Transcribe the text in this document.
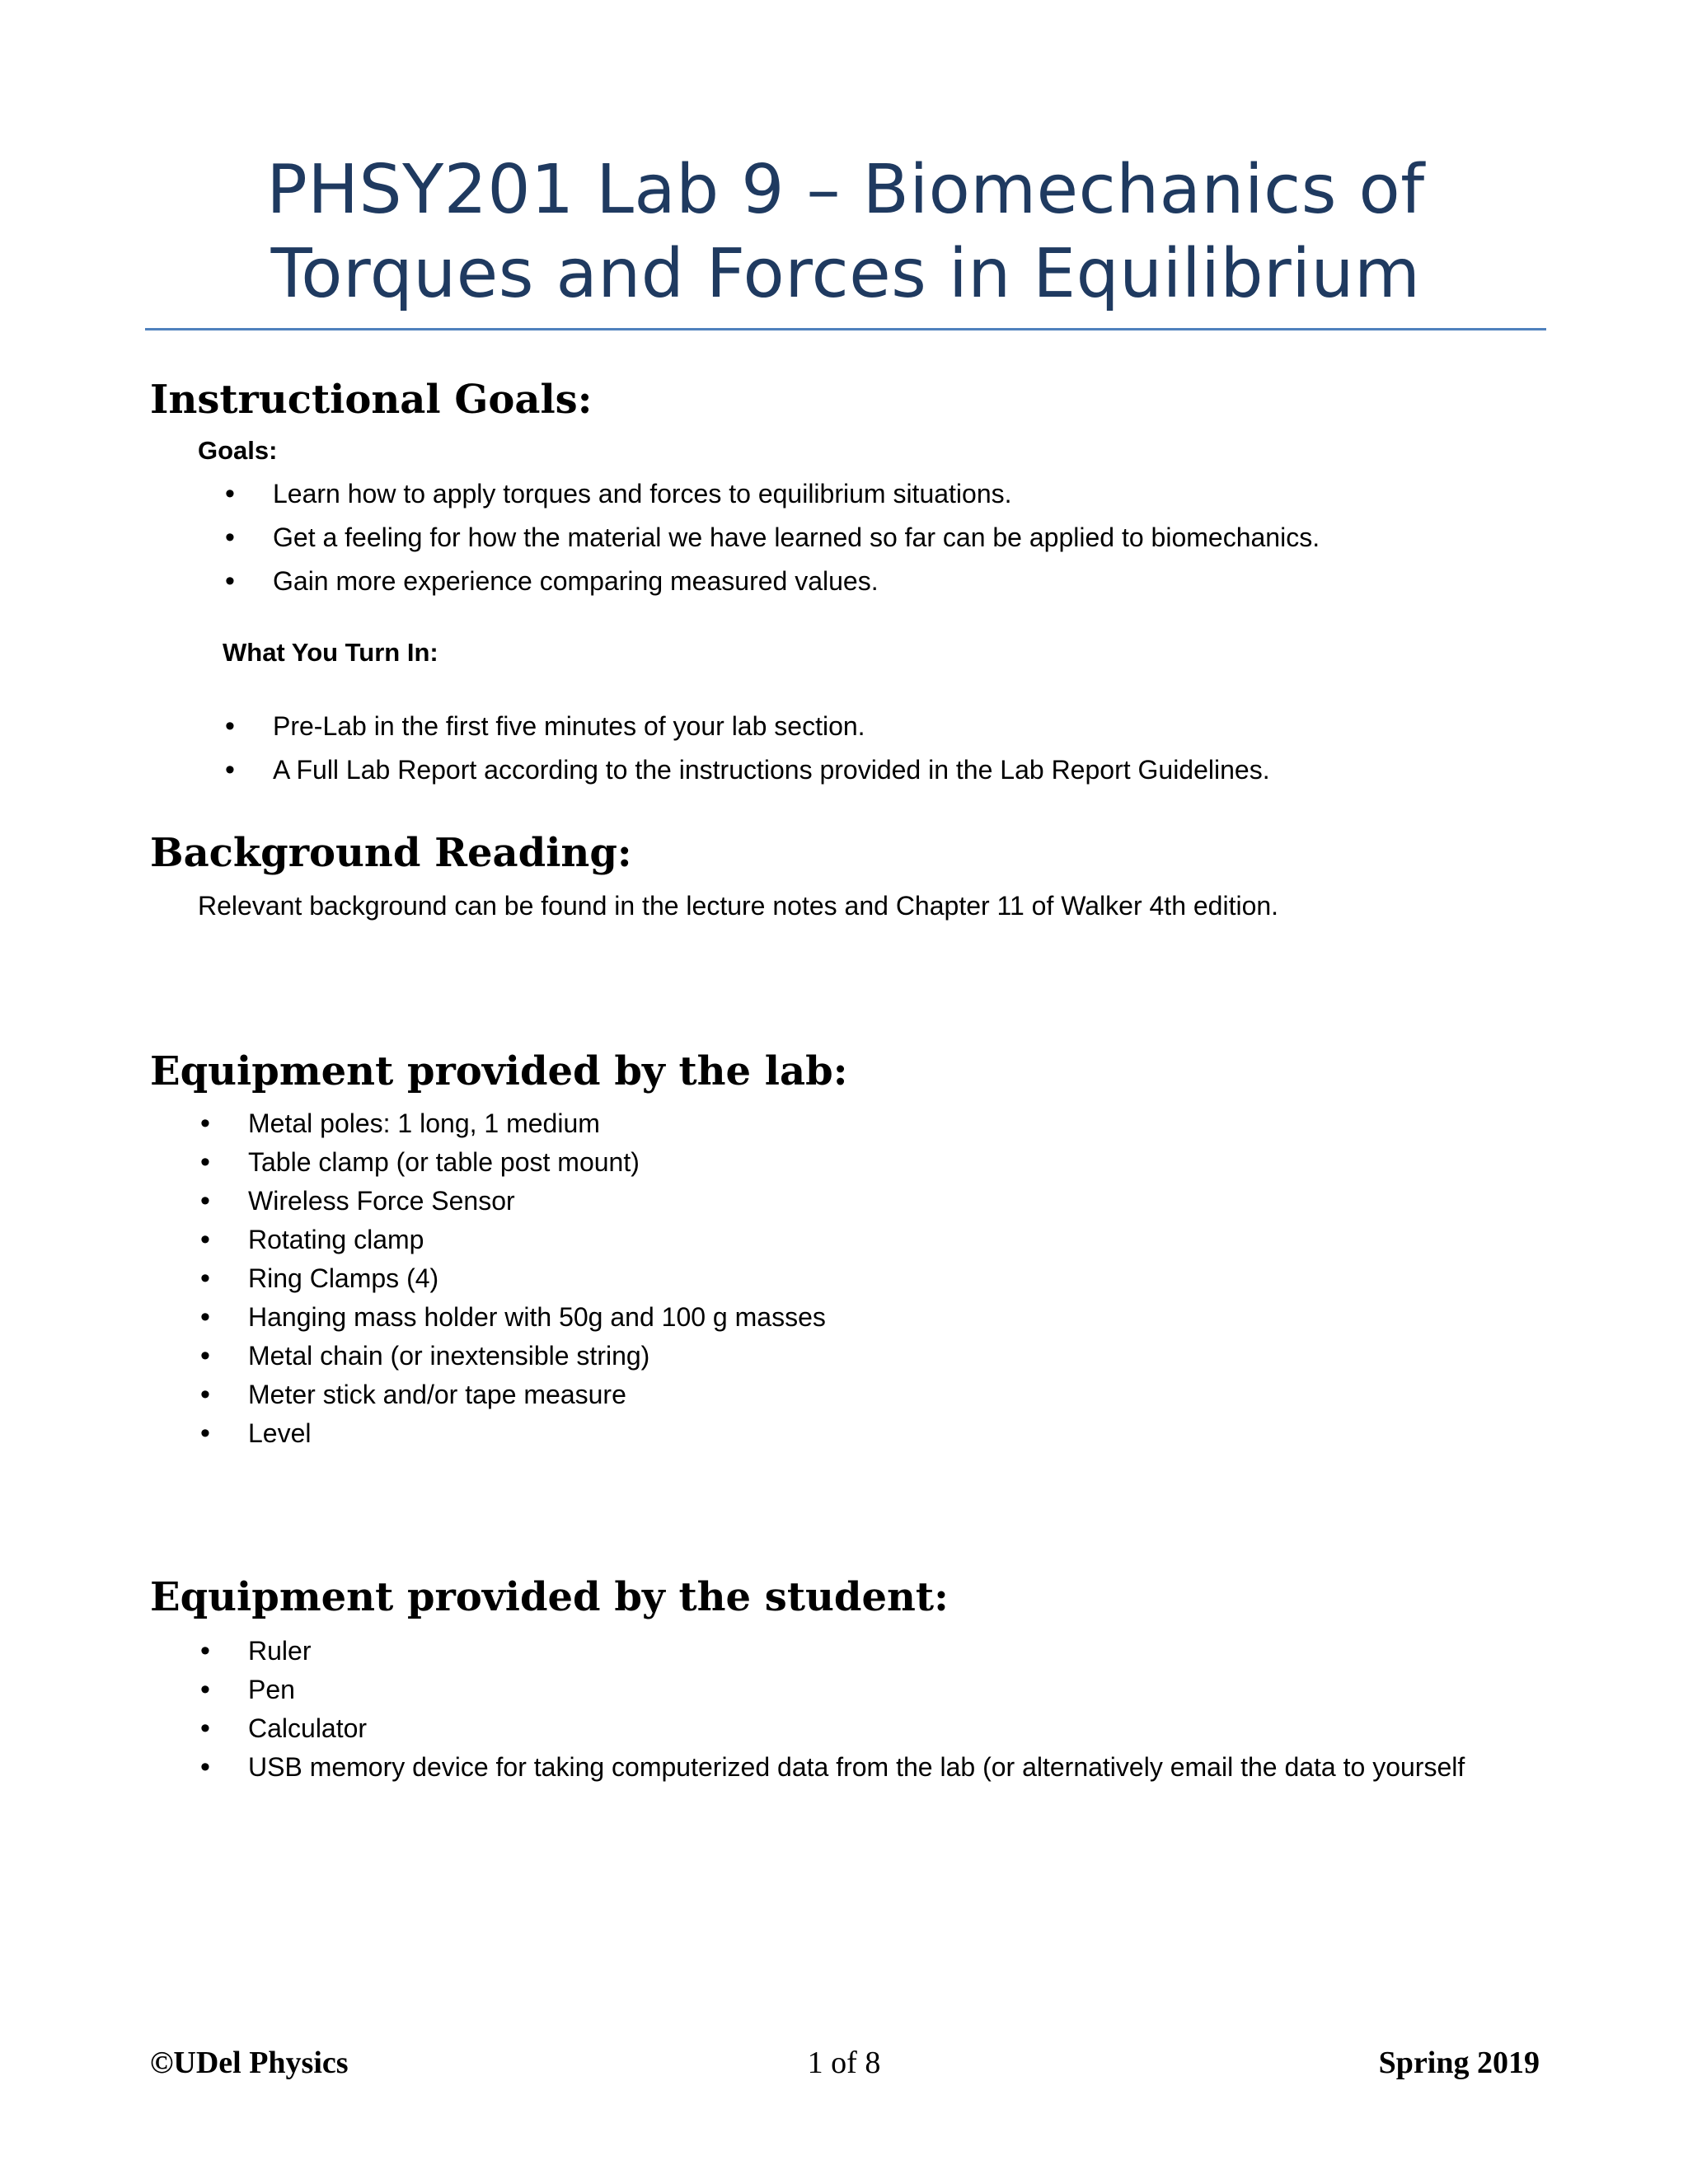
PHSY201 Lab 9 – Biomechanics of
Torques and Forces in Equilibrium
Instructional Goals:
Goals:
• Learn how to apply torques and forces to equilibrium situations.
• Get a feeling for how the material we have learned so far can be applied to biomechanics.
• Gain more experience comparing measured values.
What You Turn In:
• Pre-Lab in the first five minutes of your lab section.
• A Full Lab Report according to the instructions provided in the Lab Report Guidelines.
Background Reading:
Relevant background can be found in the lecture notes and Chapter 11 of Walker 4th edition.
Equipment provided by the lab:
• Metal poles: 1 long, 1 medium
• Table clamp (or table post mount)
• Wireless Force Sensor
• Rotating clamp
• Ring Clamps (4)
• Hanging mass holder with 50g and 100 g masses
• Metal chain (or inextensible string)
• Meter stick and/or tape measure
• Level
Equipment provided by the student:
• Ruler
• Pen
• Calculator
• USB memory device for taking computerized data from the lab (or alternatively email the data to yourself
©UDel Physics	1 of 8	Spring 2019
